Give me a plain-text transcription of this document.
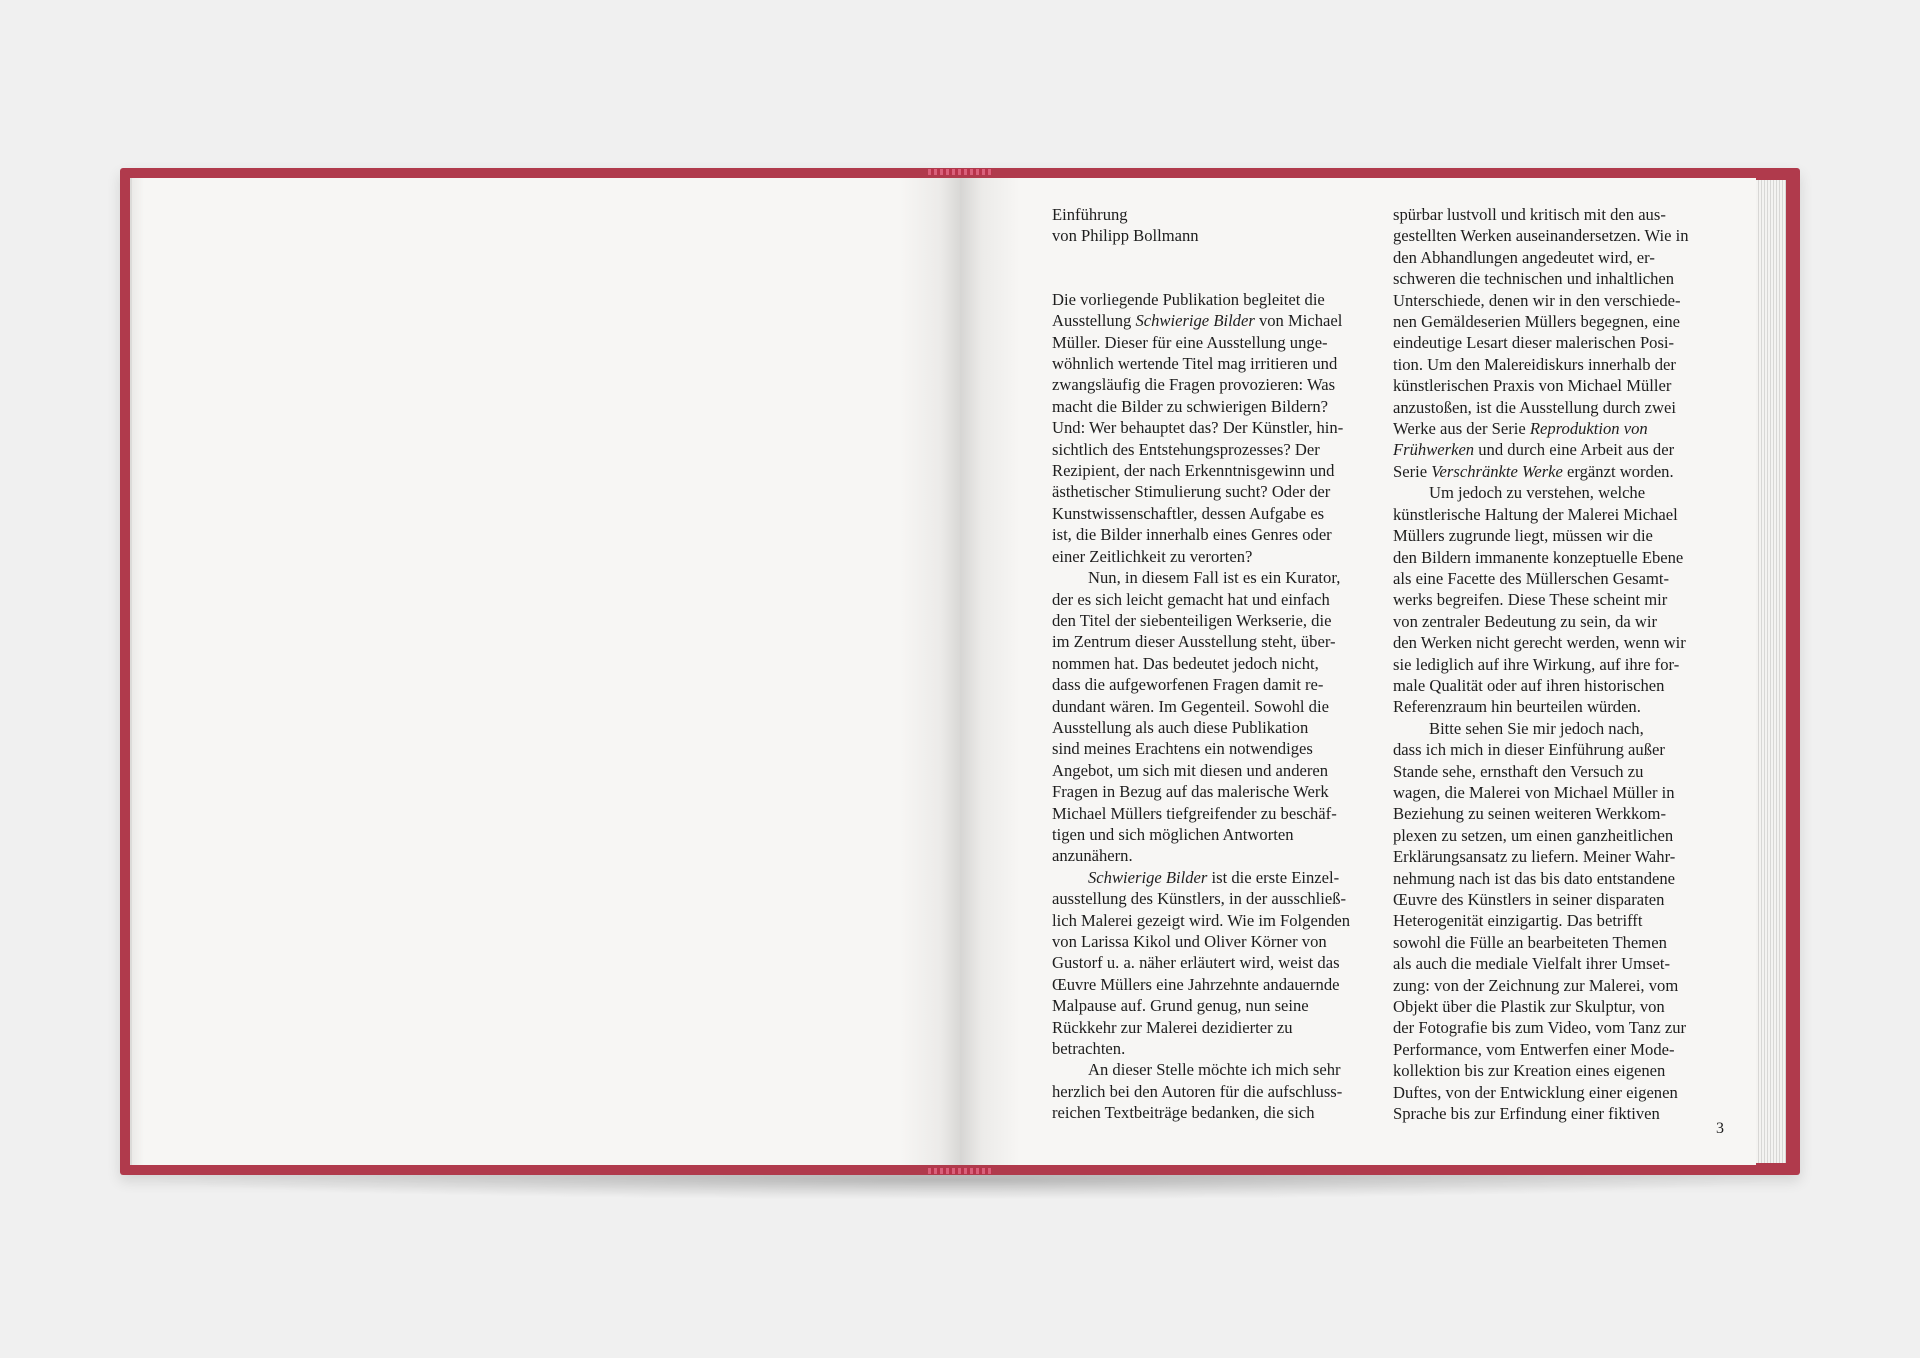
Einführung

von Philipp Bollmann

Die vorliegende Publikation begleitet die
Ausstellung Schwierige Bilder von Michael
Müller. Dieser für eine Ausstellung unge-
wöhnlich wertende Titel mag irritieren und
zwangsläufig die Fragen provozieren: Was
macht die Bilder zu schwierigen Bildern?
Und: Wer behauptet das? Der Künstler, hin-
sichtlich des Entstehungsprozesses? Der
Rezipient, der nach Erkenntnisgewinn und
ästhetischer Stimulierung sucht? Oder der
Kunstwissenschaftler, dessen Aufgabe es
ist, die Bilder innerhalb eines Genres oder
einer Zeitlichkeit zu verorten?

Nun, in diesem Fall ist es ein Kurator,
der es sich leicht gemacht hat und einfach
den Titel der siebenteiligen Werkserie, die
im Zentrum dieser Ausstellung steht, über-
nommen hat. Das bedeutet jedoch nicht,
dass die aufgeworfenen Fragen damit re-
dundant wären. Im Gegenteil. Sowohl die
Ausstellung als auch diese Publikation
sind meines Erachtens ein notwendiges
Angebot, um sich mit diesen und anderen
Fragen in Bezug auf das malerische Werk
Michael Müllers tiefgreifender zu beschäf-
tigen und sich möglichen Antworten
anzunähern.

Schwierige Bilder ist die erste Einzel-
ausstellung des Künstlers, in der ausschließ-
lich Malerei gezeigt wird. Wie im Folgenden
von Larissa Kikol und Oliver Körner von
Gustorf u. a. näher erläutert wird, weist das
Œuvre Müllers eine Jahrzehnte andauernde
Malpause auf. Grund genug, nun seine
Rückkehr zur Malerei dezidierter zu
betrachten.

An dieser Stelle möchte ich mich sehr
herzlich bei den Autoren für die aufschluss-
reichen Textbeiträge bedanken, die sich

spürbar lustvoll und kritisch mit den aus-
gestellten Werken auseinandersetzen. Wie in
den Abhandlungen angedeutet wird, er-
schweren die technischen und inhaltlichen
Unterschiede, denen wir in den verschiede-
nen Gemäldeserien Müllers begegnen, eine
eindeutige Lesart dieser malerischen Posi-
tion. Um den Malereidiskurs innerhalb der
künstlerischen Praxis von Michael Müller
anzustoßen, ist die Ausstellung durch zwei
Werke aus der Serie Reproduktion von
Frühwerken und durch eine Arbeit aus der
Serie Verschränkte Werke ergänzt worden.

Um jedoch zu verstehen, welche
künstlerische Haltung der Malerei Michael
Müllers zugrunde liegt, müssen wir die
den Bildern immanente konzeptuelle Ebene
als eine Facette des Müllerschen Gesamt-
werks begreifen. Diese These scheint mir
von zentraler Bedeutung zu sein, da wir
den Werken nicht gerecht werden, wenn wir
sie lediglich auf ihre Wirkung, auf ihre for-
male Qualität oder auf ihren historischen
Referenzraum hin beurteilen würden.

Bitte sehen Sie mir jedoch nach,
dass ich mich in dieser Einführung außer
Stande sehe, ernsthaft den Versuch zu
wagen, die Malerei von Michael Müller in
Beziehung zu seinen weiteren Werkkom-
plexen zu setzen, um einen ganzheitlichen
Erklärungsansatz zu liefern. Meiner Wahr-
nehmung nach ist das bis dato entstandene
Œuvre des Künstlers in seiner disparaten
Heterogenität einzigartig. Das betrifft
sowohl die Fülle an bearbeiteten Themen
als auch die mediale Vielfalt ihrer Umset-
zung: von der Zeichnung zur Malerei, vom
Objekt über die Plastik zur Skulptur, von
der Fotografie bis zum Video, vom Tanz zur
Performance, vom Entwerfen einer Mode-
kollektion bis zur Kreation eines eigenen
Duftes, von der Entwicklung einer eigenen
Sprache bis zur Erfindung einer fiktiven

3
